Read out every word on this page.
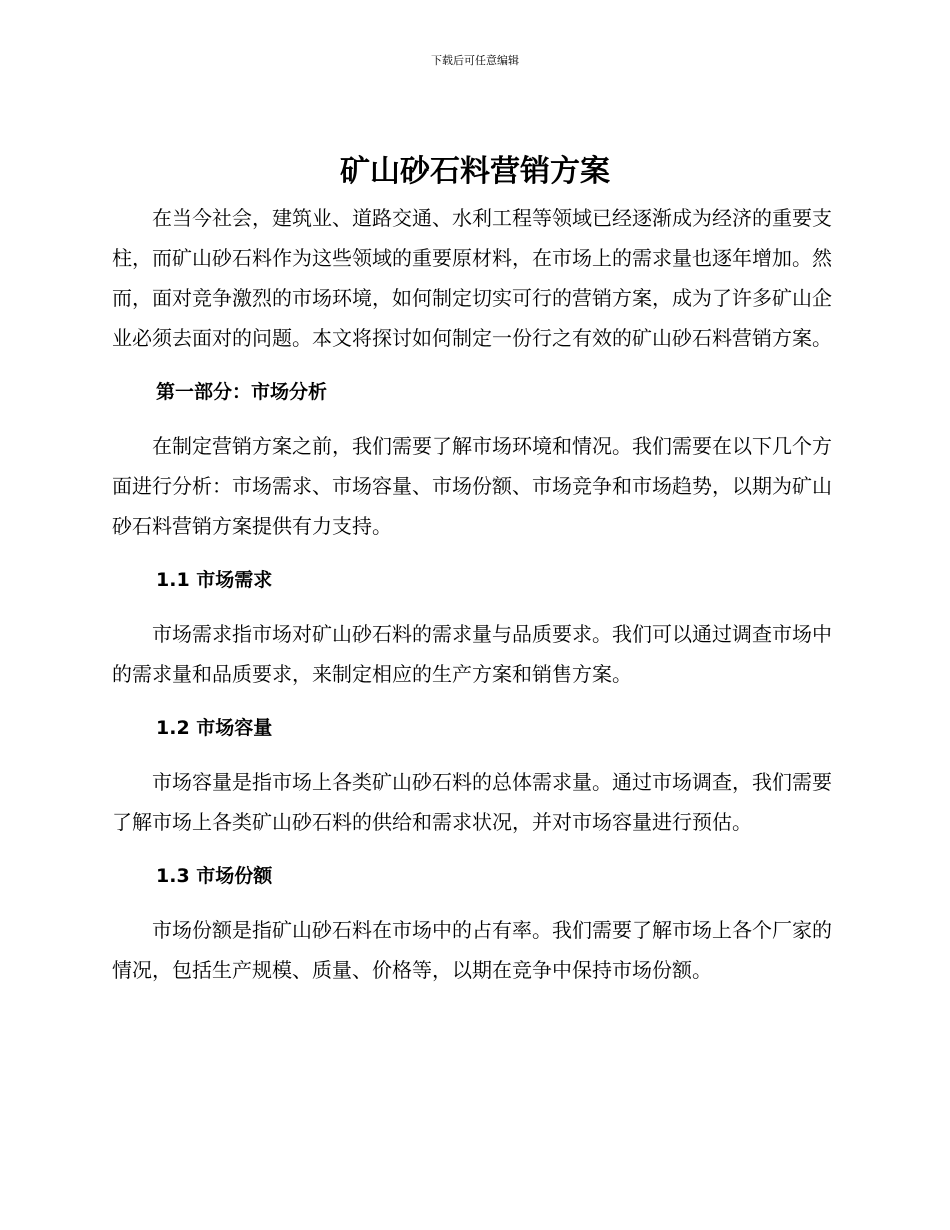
下载后可任意编辑
矿山砂石料营销方案

在当今社会，建筑业、道路交通、水利工程等领域已经逐渐成为经济的重要支柱，而矿山砂石料作为这些领域的重要原材料，在市场上的需求量也逐年增加。然而，面对竞争激烈的市场环境，如何制定切实可行的营销方案，成为了许多矿山企业必须去面对的问题。本文将探讨如何制定一份行之有效的矿山砂石料营销方案。

第一部分：市场分析

在制定营销方案之前，我们需要了解市场环境和情况。我们需要在以下几个方面进行分析：市场需求、市场容量、市场份额、市场竞争和市场趋势，以期为矿山砂石料营销方案提供有力支持。

1.1 市场需求

市场需求指市场对矿山砂石料的需求量与品质要求。我们可以通过调查市场中的需求量和品质要求，来制定相应的生产方案和销售方案。

1.2 市场容量

市场容量是指市场上各类矿山砂石料的总体需求量。通过市场调查，我们需要了解市场上各类矿山砂石料的供给和需求状况，并对市场容量进行预估。

1.3 市场份额

市场份额是指矿山砂石料在市场中的占有率。我们需要了解市场上各个厂家的情况，包括生产规模、质量、价格等，以期在竞争中保持市场份额。
